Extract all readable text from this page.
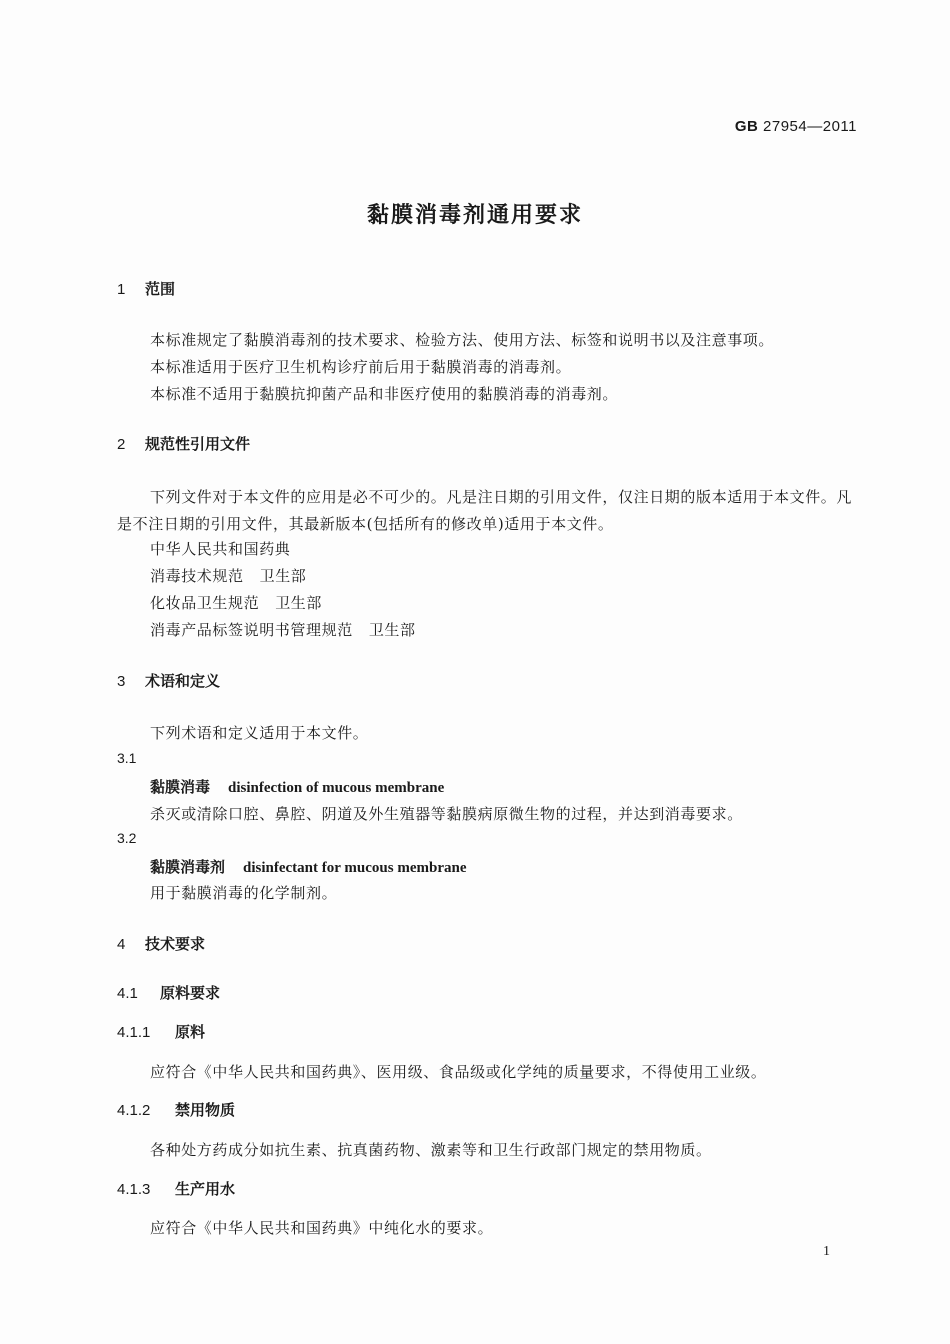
GB 27954—2011
黏膜消毒剂通用要求
1 范围
本标准规定了黏膜消毒剂的技术要求、检验方法、使用方法、标签和说明书以及注意事项。
本标准适用于医疗卫生机构诊疗前后用于黏膜消毒的消毒剂。
本标准不适用于黏膜抗抑菌产品和非医疗使用的黏膜消毒的消毒剂。
2 规范性引用文件
下列文件对于本文件的应用是必不可少的。凡是注日期的引用文件，仅注日期的版本适用于本文件。凡是不注日期的引用文件，其最新版本(包括所有的修改单)适用于本文件。
中华人民共和国药典
消毒技术规范 卫生部
化妆品卫生规范 卫生部
消毒产品标签说明书管理规范 卫生部
3 术语和定义
下列术语和定义适用于本文件。
3.1
黏膜消毒 disinfection of mucous membrane
杀灭或清除口腔、鼻腔、阴道及外生殖器等黏膜病原微生物的过程，并达到消毒要求。
3.2
黏膜消毒剂 disinfectant for mucous membrane
用于黏膜消毒的化学制剂。
4 技术要求
4.1 原料要求
4.1.1 原料
应符合《中华人民共和国药典》、医用级、食品级或化学纯的质量要求，不得使用工业级。
4.1.2 禁用物质
各种处方药成分如抗生素、抗真菌药物、激素等和卫生行政部门规定的禁用物质。
4.1.3 生产用水
应符合《中华人民共和国药典》中纯化水的要求。
1
